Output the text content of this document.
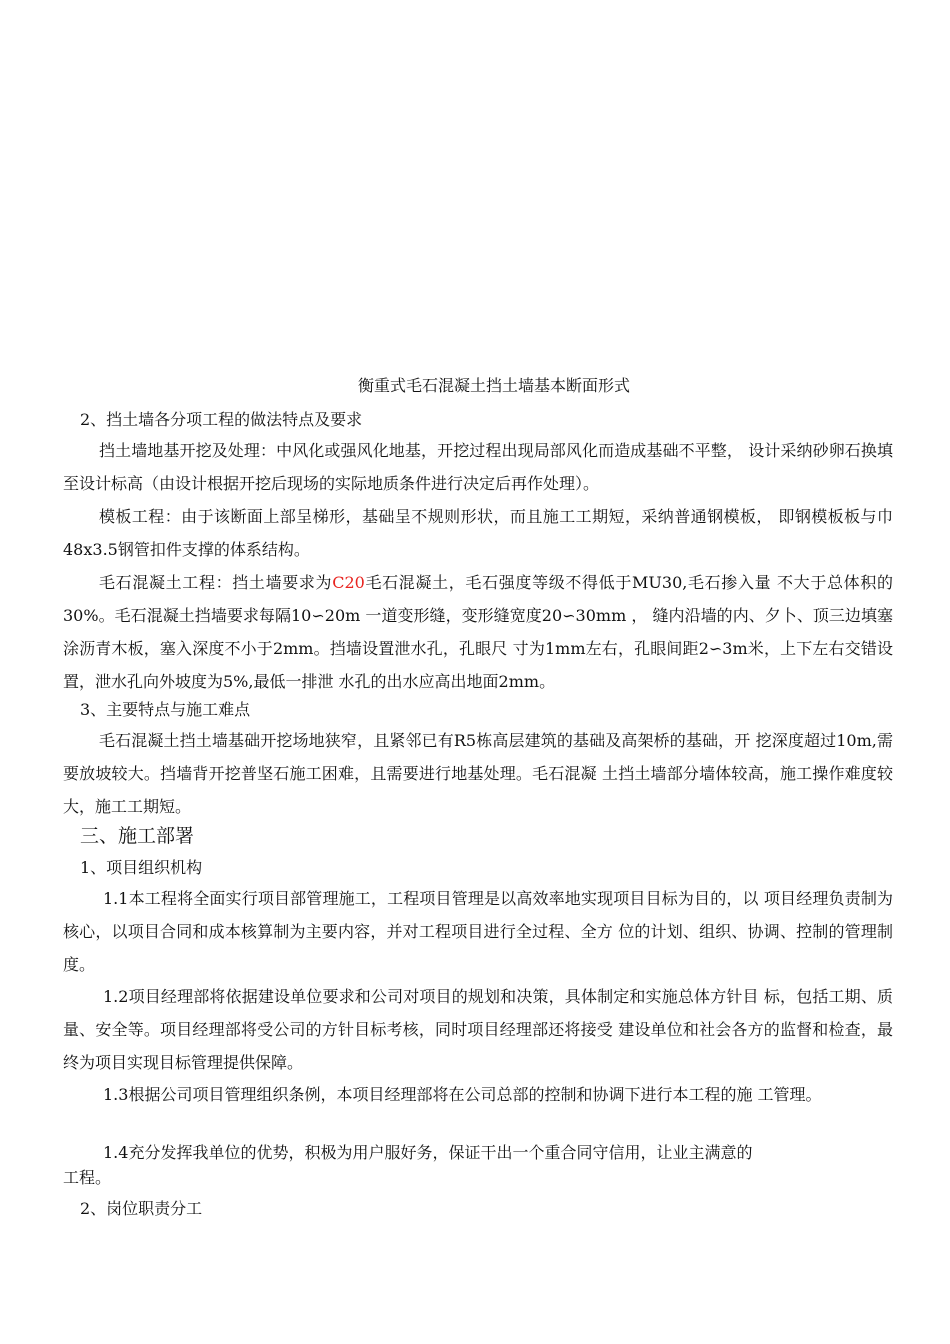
衡重式毛石混凝土挡土墙基本断面形式
2、挡土墙各分项工程的做法特点及要求
挡土墙地基开挖及处理：中风化或强风化地基，开挖过程出现局部风化而造成基础不平整， 设计采纳砂卵石换填至设计标高（由设计根据开挖后现场的实际地质条件进行决定后再作处理）。
模板工程：由于该断面上部呈梯形，基础呈不规则形状，而且施工工期短，采纳普通钢模板， 即钢模板板与巾48x3.5钢管扣件支撑的体系结构。
毛石混凝土工程：挡土墙要求为C20毛石混凝土，毛石强度等级不得低于MU30,毛石掺入量 不大于总体积的30%。毛石混凝土挡墙要求每隔10∽20m 一道变形缝，变形缝宽度20∽30mm ， 缝内沿墙的内、夕卜、顶三边填塞涂沥青木板，塞入深度不小于2mm。挡墙设置泄水孔，孔眼尺 寸为1mm左右，孔眼间距2∽3m米，上下左右交错设置，泄水孔向外坡度为5%,最低一排泄 水孔的出水应高出地面2mm。
3、主要特点与施工难点
毛石混凝土挡土墙基础开挖场地狭窄，且紧邻已有R5栋高层建筑的基础及高架桥的基础，开 挖深度超过10m,需要放坡较大。挡墙背开挖普坚石施工困难，且需要进行地基处理。毛石混凝 土挡土墙部分墙体较高，施工操作难度较大，施工工期短。
三、施工部署
1、项目组织机构
1.1本工程将全面实行项目部管理施工，工程项目管理是以高效率地实现项目目标为目的，以 项目经理负责制为核心，以项目合同和成本核算制为主要内容，并对工程项目进行全过程、全方 位的计划、组织、协调、控制的管理制度。
1.2项目经理部将依据建设单位要求和公司对项目的规划和决策，具体制定和实施总体方针目 标，包括工期、质量、安全等。项目经理部将受公司的方针目标考核，同时项目经理部还将接受 建设单位和社会各方的监督和检查，最终为项目实现目标管理提供保障。
1.3根据公司项目管理组织条例，本项目经理部将在公司总部的控制和协调下进行本工程的施 工管理。
1.4充分发挥我单位的优势，积极为用户服好务，保证干出一个重合同守信用，让业主满意的
工程。
2、岗位职责分工
